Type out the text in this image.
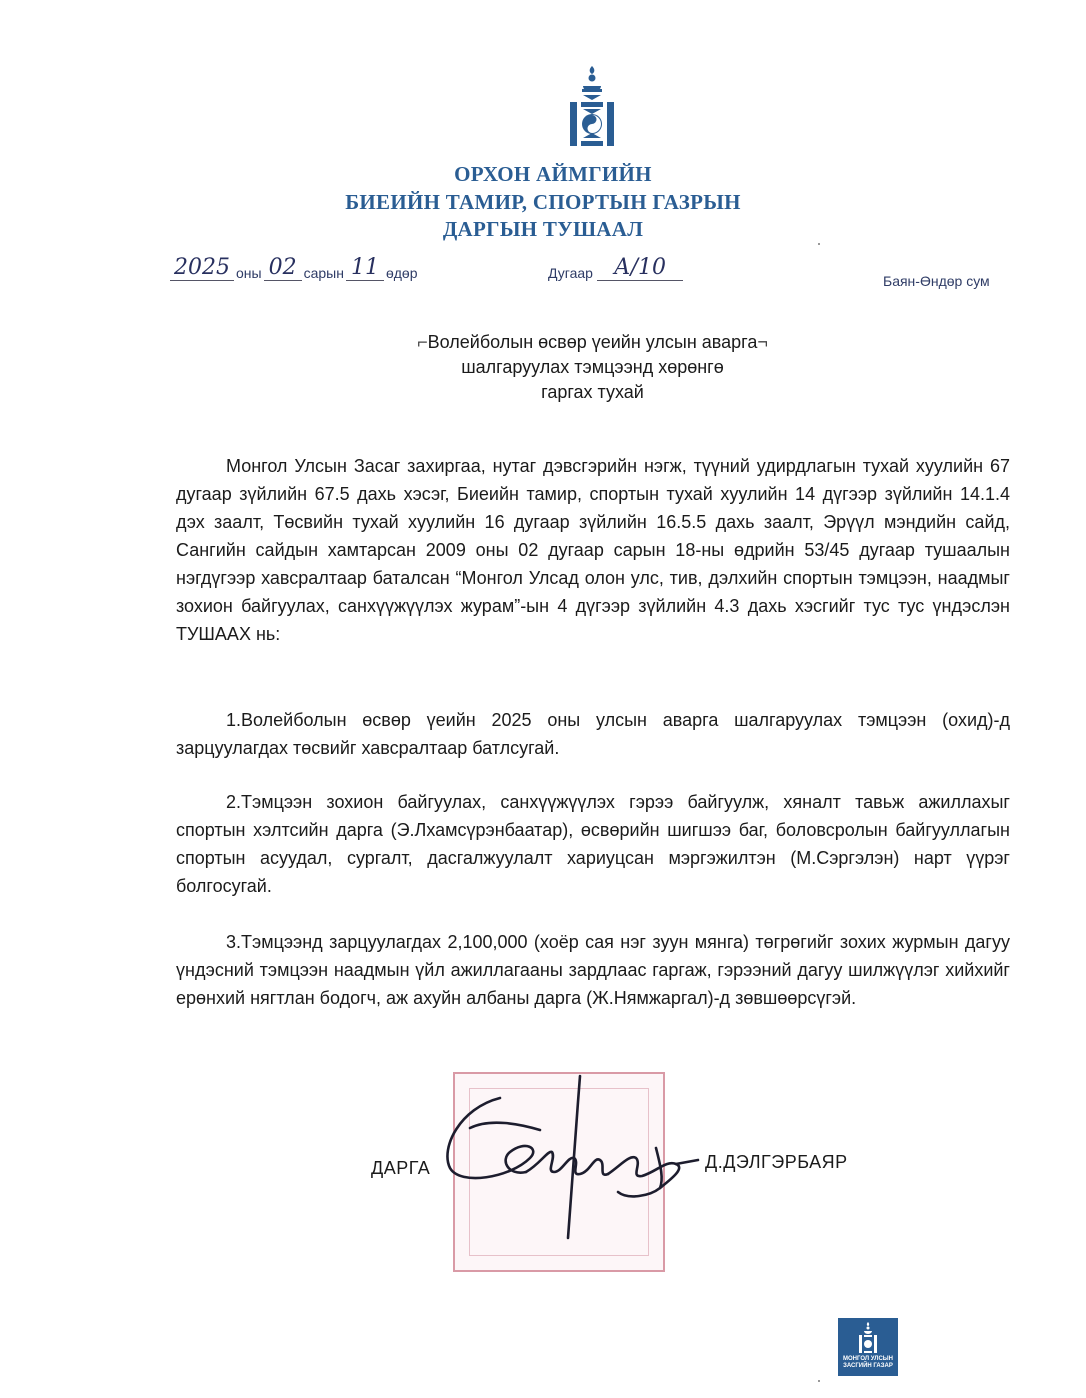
ОРХОН АЙМГИЙН
БИЕИЙН ТАМИР, СПОРТЫН ГАЗРЫН
ДАРГЫН ТУШААЛ
2025 оны 02 сарын 11 өдөр	Дугаар А/10
Баян-Өндөр сум
⌐Волейболын өсвөр үеийн улсын аварга¬
шалгаруулах тэмцээнд хөрөнгө
гаргах тухай
Монгол Улсын Засаг захиргаа, нутаг дэвсгэрийн нэгж, түүний удирдлагын тухай хуулийн 67 дугаар зүйлийн 67.5 дахь хэсэг, Биеийн тамир, спортын тухай хуулийн 14 дүгээр зүйлийн 14.1.4 дэх заалт, Төсвийн тухай хуулийн 16 дугаар зүйлийн 16.5.5 дахь заалт, Эрүүл мэндийн сайд, Сангийн сайдын хамтарсан 2009 оны 02 дугаар сарын 18-ны өдрийн 53/45 дугаар тушаалын нэгдүгээр хавсралтаар баталсан “Монгол Улсад олон улс, тив, дэлхийн спортын тэмцээн, наадмыг зохион байгуулах, санхүүжүүлэх журам”-ын 4 дүгээр зүйлийн 4.3 дахь хэсгийг тус тус үндэслэн ТУШААХ нь:
1.Волейболын өсвөр үеийн 2025 оны улсын аварга шалгаруулах тэмцээн (охид)-д зарцуулагдах төсвийг хавсралтаар батлсугай.
2.Тэмцээн зохион байгуулах, санхүүжүүлэх гэрээ байгуулж, хяналт тавьж ажиллахыг спортын хэлтсийн дарга (Э.Лхамсүрэнбаатар), өсвөрийн шигшээ баг, боловсролын байгууллагын спортын асуудал, сургалт, дасгалжуулалт хариуцсан мэргэжилтэн (М.Сэргэлэн) нарт үүрэг болгосугай.
3.Тэмцээнд зарцуулагдах 2,100,000 (хоёр сая нэг зуун мянга) төгрөгийг зохих журмын дагуу үндэсний тэмцээн наадмын үйл ажиллагааны зардлаас гаргаж, гэрээний дагуу шилжүүлэг хийхийг ерөнхий нягтлан бодогч, аж ахуйн албаны дарга (Ж.Нямжаргал)-д зөвшөөрсүгэй.
ДАРГА	Д.ДЭЛГЭРБАЯР
МОНГОЛ УЛСЫН
ЗАСГИЙН ГАЗАР
